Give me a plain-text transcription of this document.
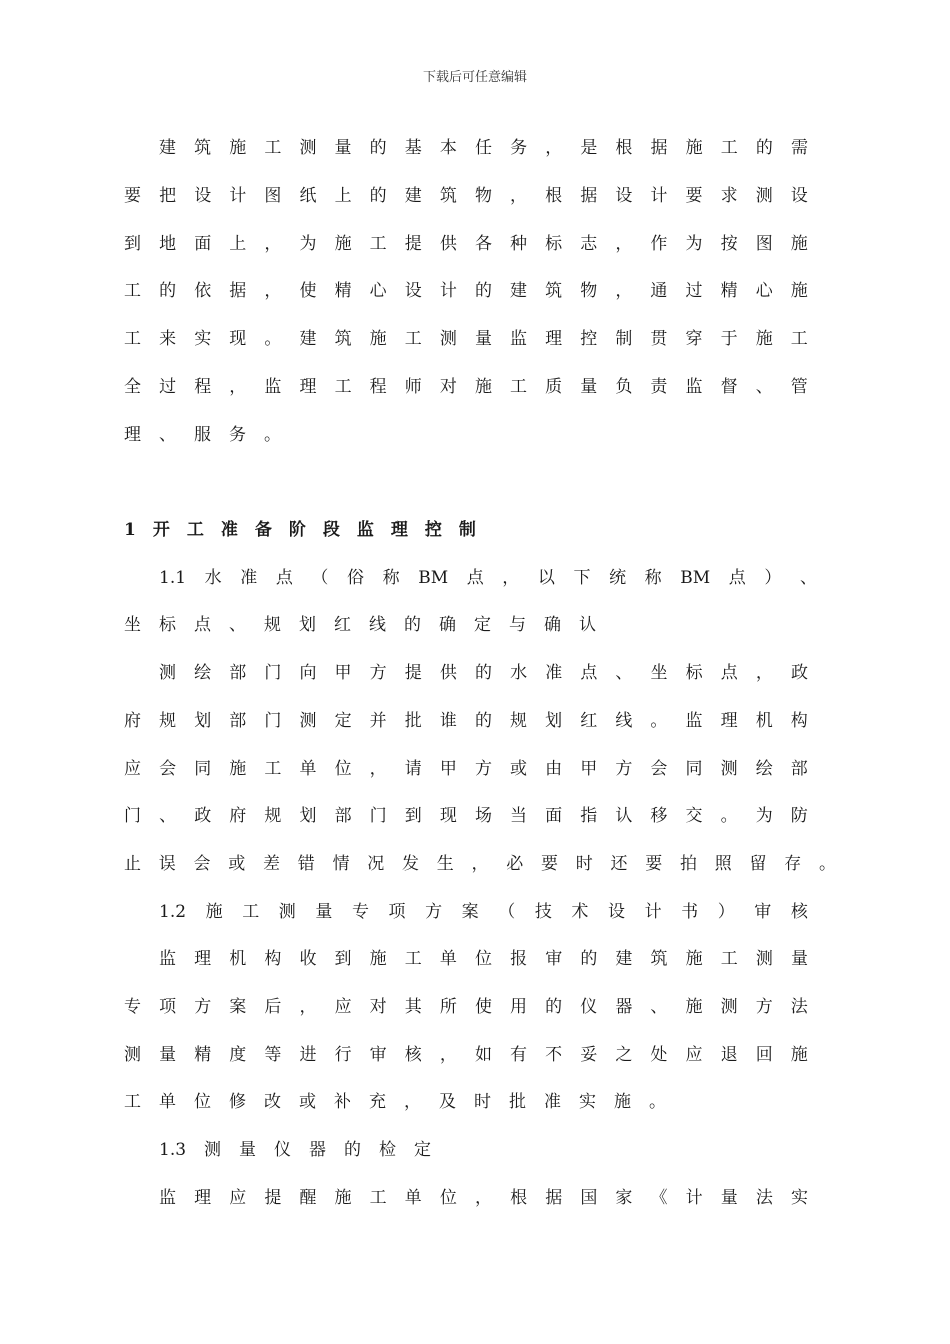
下载后可任意编辑
建 筑 施 工 测 量 的 基 本 任 务 ， 是 根 据 施 工 的 需
要 把 设 计 图 纸 上 的 建 筑 物 ， 根 据 设 计 要 求 测 设
到 地 面 上 ， 为 施 工 提 供 各 种 标 志 ， 作 为 按 图 施
工 的 依 据 ， 使 精 心 设 计 的 建 筑 物 ， 通 过 精 心 施
工 来 实 现 。 建 筑 施 工 测 量 监 理 控 制 贯 穿 于 施 工
全 过 程 ， 监 理 工 程 师 对 施 工 质 量 负 责 监 督 、 管
理 、 服 务 。
1 开 工 准 备 阶 段 监 理 控 制
1.1 水 准 点 （ 俗 称 BM 点 ， 以 下 统 称 BM 点 ） 、
坐 标 点 、 规 划 红 线 的 确 定 与 确 认
测 绘 部 门 向 甲 方 提 供 的 水 准 点 、 坐 标 点 ， 政
府 规 划 部 门 测 定 并 批 谁 的 规 划 红 线 。 监 理 机 构
应 会 同 施 工 单 位 ， 请 甲 方 或 由 甲 方 会 同 测 绘 部
门 、 政 府 规 划 部 门 到 现 场 当 面 指 认 移 交 。 为 防
止 误 会 或 差 错 情 况 发 生 ， 必 要 时 还 要 拍 照 留 存 。
1.2 施 工 测 量 专 项 方 案 （ 技 术 设 计 书 ） 审 核
监 理 机 构 收 到 施 工 单 位 报 审 的 建 筑 施 工 测 量
专 项 方 案 后 ， 应 对 其 所 使 用 的 仪 器 、 施 测 方 法
测 量 精 度 等 进 行 审 核 ， 如 有 不 妥 之 处 应 退 回 施
工 单 位 修 改 或 补 充 ， 及 时 批 准 实 施 。
1.3 测 量 仪 器 的 检 定
监 理 应 提 醒 施 工 单 位 ， 根 据 国 家 《 计 量 法 实
